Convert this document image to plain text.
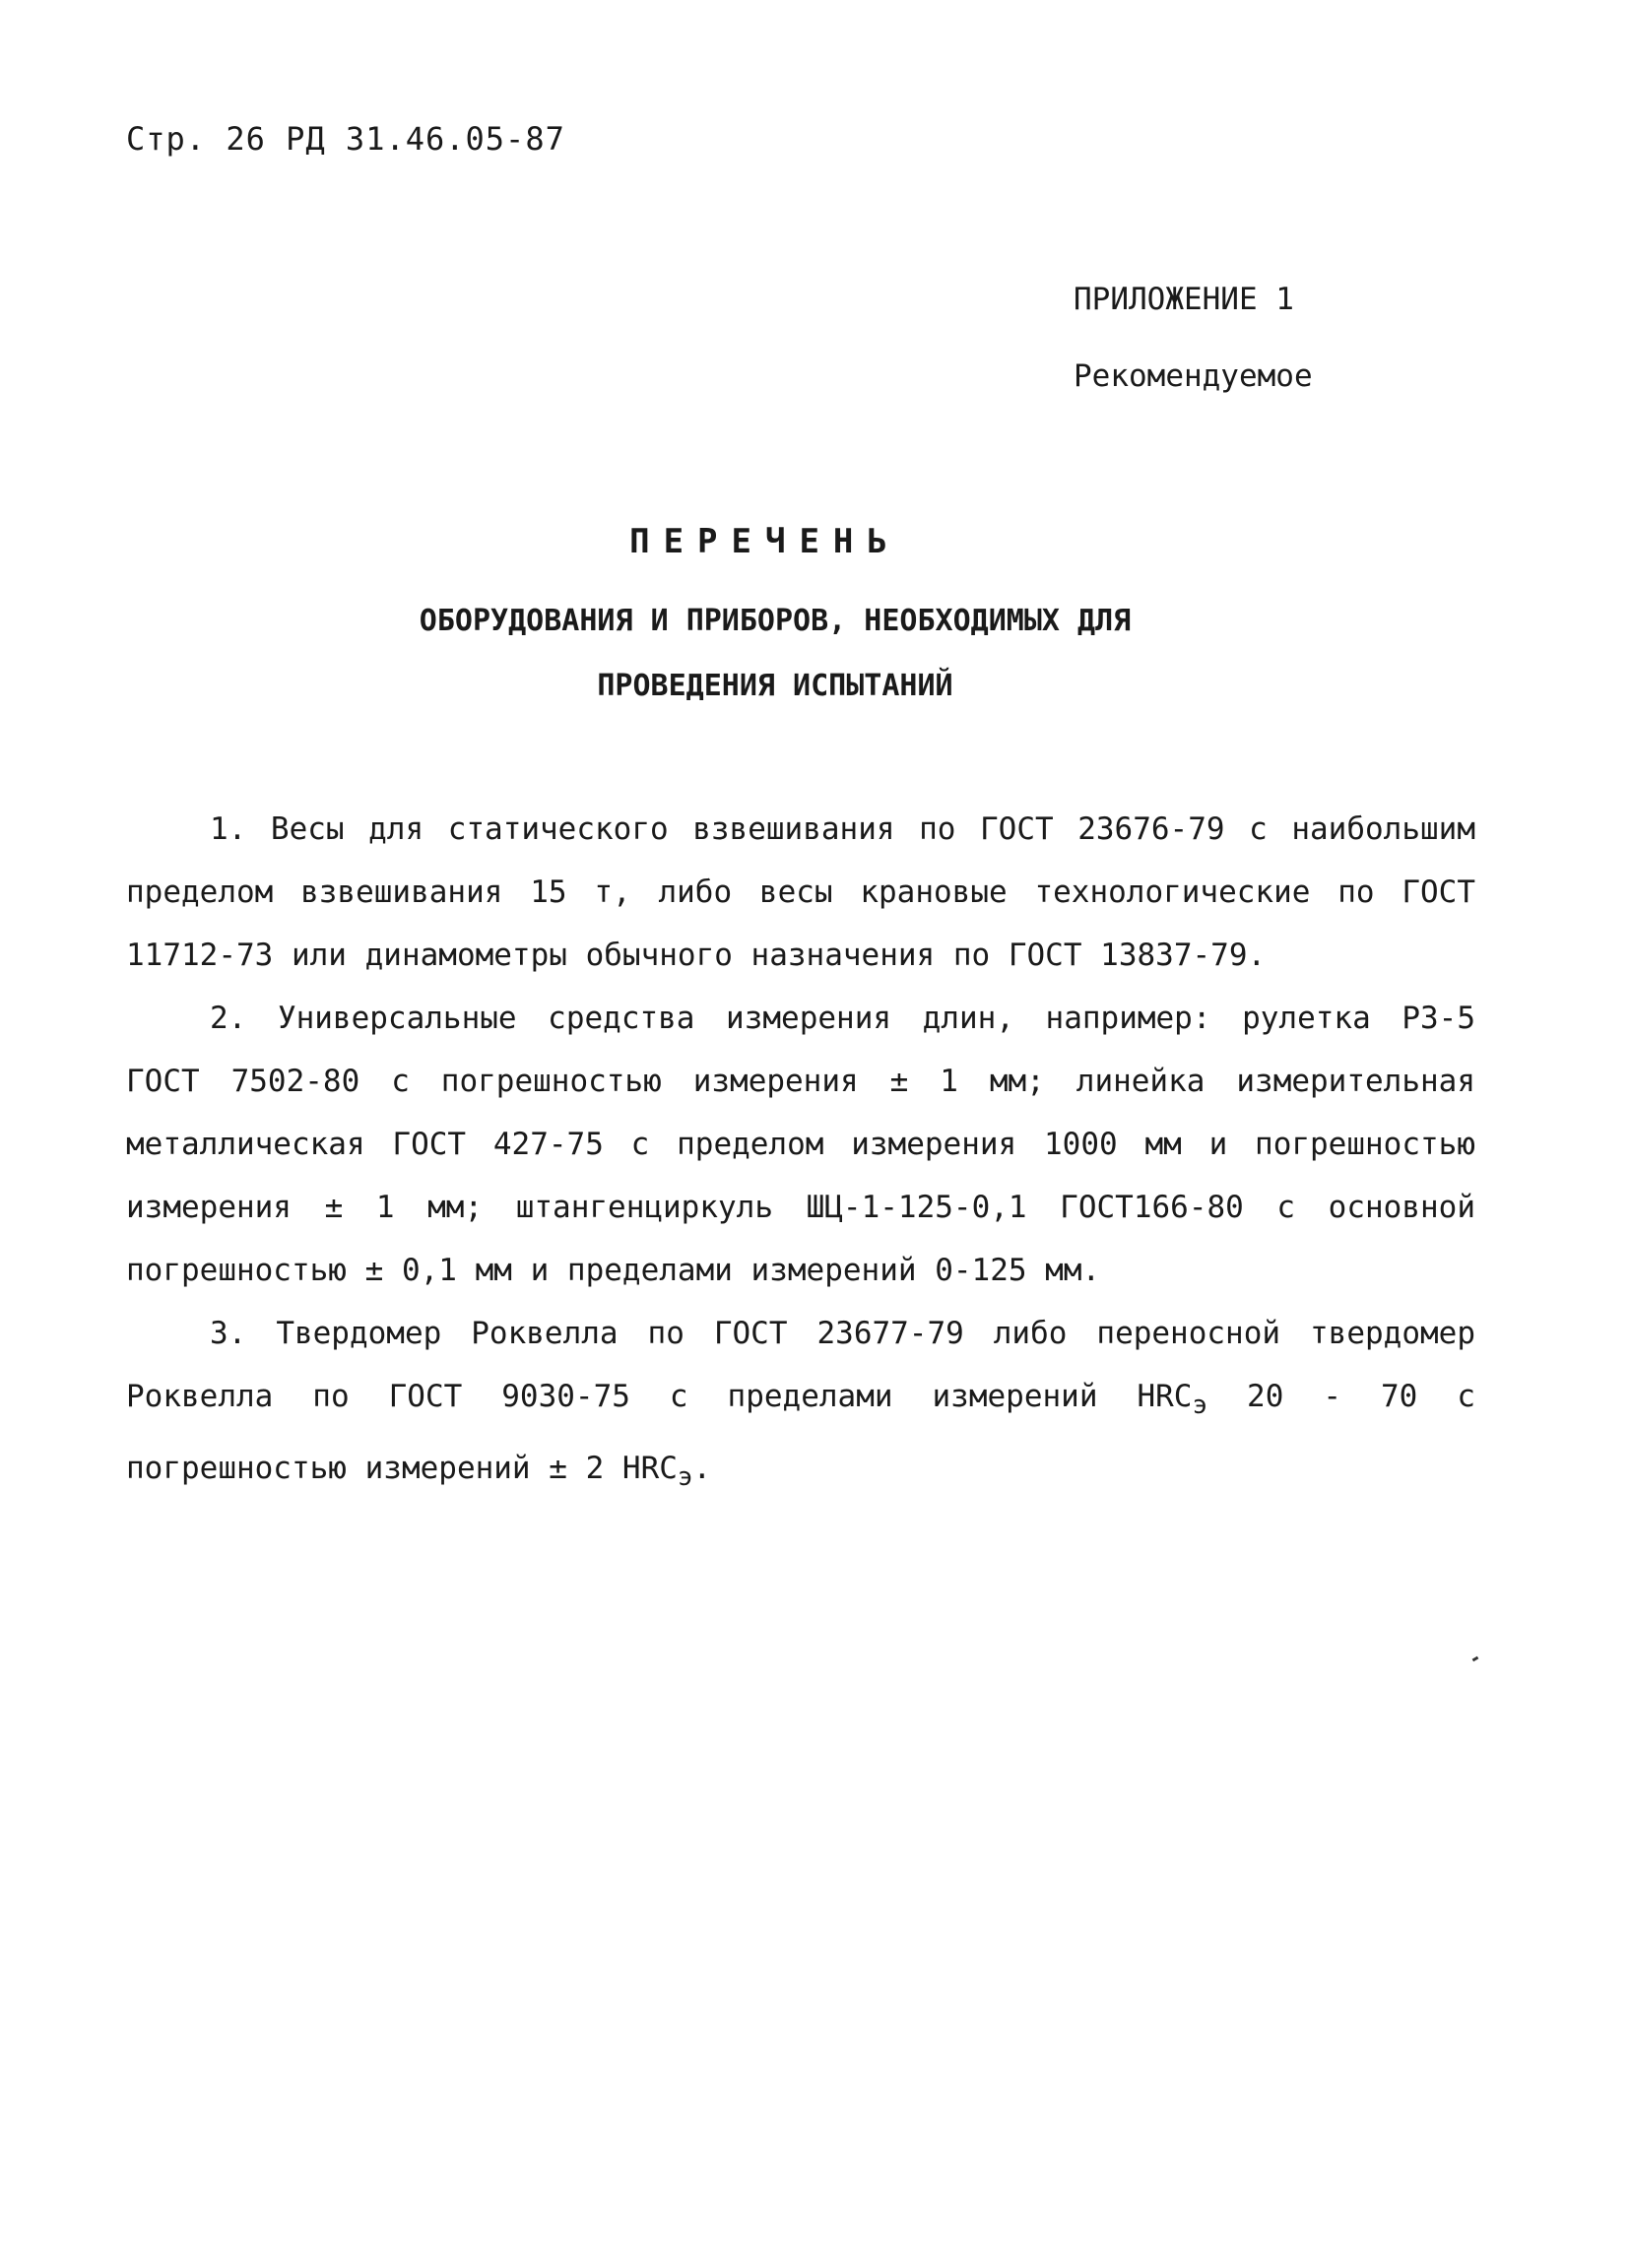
Стр. 26 РД 31.46.05-87
ПРИЛОЖЕНИЕ 1
Рекомендуемое
ПЕРЕЧЕНЬ
ОБОРУДОВАНИЯ И ПРИБОРОВ, НЕОБХОДИМЫХ ДЛЯ
ПРОВЕДЕНИЯ ИСПЫТАНИЙ

1. Весы для статического взвешивания по ГОСТ 23676-79 с наибольшим пределом взвешивания 15 т, либо весы крановые технологические по ГОСТ 11712-73 или динамометры обычного назначения по ГОСТ 13837-79.

2. Универсальные средства измерения длин, например: рулетка РЗ-5 ГОСТ 7502-80 с погрешностью измерения ± 1 мм; линейка измерительная металлическая ГОСТ 427-75 с пределом измерения 1000 мм и погрешностью измерения ± 1 мм; штангенциркуль ШЦ-1-125-0,1 ГОСТ166-80 с основной погрешностью ± 0,1 мм и пределами измерений 0-125 мм.

3. Твердомер Роквелла по ГОСТ 23677-79 либо переносной твердомер Роквелла по ГОСТ 9030-75 с пределами измерений $HRC_э$ 20 - 70 с погрешностью измерений ± 2 $HRC_э$.
